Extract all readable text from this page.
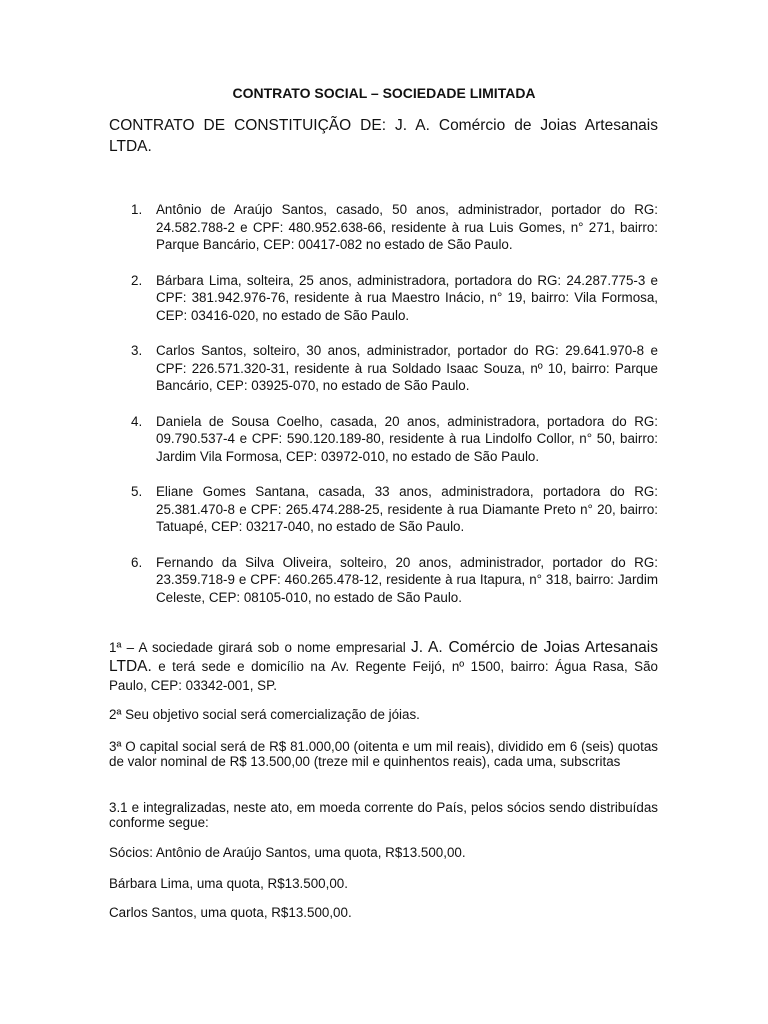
CONTRATO SOCIAL – SOCIEDADE LIMITADA
CONTRATO DE CONSTITUIÇÃO DE: J. A. Comércio de Joias Artesanais LTDA.
1. Antônio de Araújo Santos, casado, 50 anos, administrador, portador do RG: 24.582.788-2 e CPF: 480.952.638-66, residente à rua Luis Gomes, n° 271, bairro: Parque Bancário, CEP: 00417-082 no estado de São Paulo.
2. Bárbara Lima, solteira, 25 anos, administradora, portadora do RG: 24.287.775-3 e CPF: 381.942.976-76, residente à rua Maestro Inácio, n° 19, bairro: Vila Formosa, CEP: 03416-020, no estado de São Paulo.
3. Carlos Santos, solteiro, 30 anos, administrador, portador do RG: 29.641.970-8 e CPF: 226.571.320-31, residente à rua Soldado Isaac Souza, nº 10, bairro: Parque Bancário, CEP: 03925-070, no estado de São Paulo.
4. Daniela de Sousa Coelho, casada, 20 anos, administradora, portadora do RG: 09.790.537-4 e CPF: 590.120.189-80, residente à rua Lindolfo Collor, n° 50, bairro: Jardim Vila Formosa, CEP: 03972-010, no estado de São Paulo.
5. Eliane Gomes Santana, casada, 33 anos, administradora, portadora do RG: 25.381.470-8 e CPF: 265.474.288-25, residente à rua Diamante Preto n° 20, bairro: Tatuapé, CEP: 03217-040, no estado de São Paulo.
6. Fernando da Silva Oliveira, solteiro, 20 anos, administrador, portador do RG: 23.359.718-9 e CPF: 460.265.478-12, residente à rua Itapura, n° 318, bairro: Jardim Celeste, CEP: 08105-010, no estado de São Paulo.

1ª – A sociedade girará sob o nome empresarial J. A. Comércio de Joias Artesanais LTDA. e terá sede e domicílio na Av. Regente Feijó, nº 1500, bairro: Água Rasa, São Paulo, CEP: 03342-001, SP.

2ª Seu objetivo social será comercialização de jóias.

3ª O capital social será de R$ 81.000,00 (oitenta e um mil reais), dividido em 6 (seis) quotas de valor nominal de R$ 13.500,00 (treze mil e quinhentos reais), cada uma, subscritas

3.1 e integralizadas, neste ato, em moeda corrente do País, pelos sócios sendo distribuídas conforme segue:

Sócios: Antônio de Araújo Santos, uma quota, R$13.500,00.

Bárbara Lima, uma quota, R$13.500,00.

Carlos Santos, uma quota, R$13.500,00.
